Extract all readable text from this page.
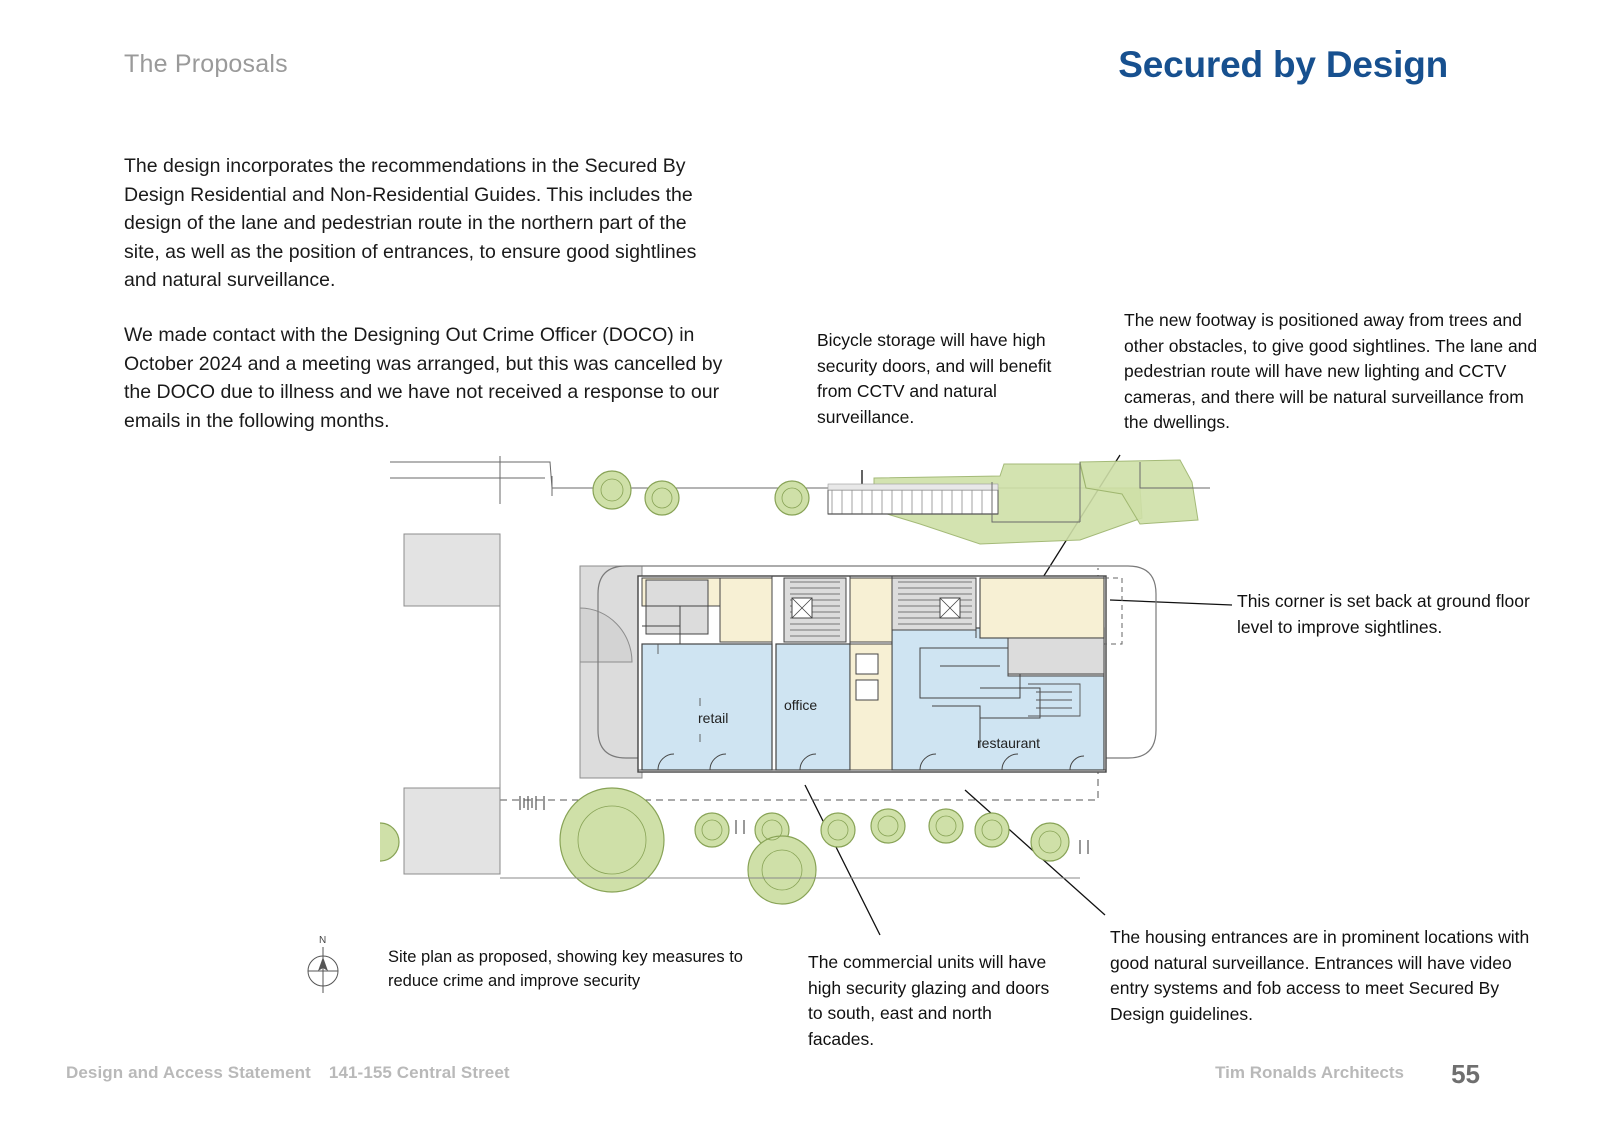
The Proposals	Secured by Design

The design incorporates the recommendations in the Secured By Design Residential and Non-Residential Guides. This includes the design of the lane and pedestrian route in the northern part of the site, as well as the position of entrances, to ensure good sightlines and natural surveillance.

We made contact with the Designing Out Crime Officer (DOCO) in October 2024 and a meeting was arranged, but this was cancelled by the DOCO due to illness and we have not received a response to our emails in the following months.

Bicycle storage will have high security doors, and will benefit from CCTV and natural surveillance.
The new footway is positioned away from trees and other obstacles, to give good sightlines. The lane and pedestrian route will have new lighting and CCTV cameras, and there will be natural surveillance from the dwellings.
This corner is set back at ground floor level to improve sightlines.
The housing entrances are in prominent locations with good natural surveillance. Entrances will have video entry systems and fob access to meet Secured By Design guidelines.
The commercial units will have high security glazing and doors to south, east and north facades.
retail
office
restaurant
N
Site plan as proposed, showing key measures to reduce crime and improve security
Design and Access Statement 141-155 Central Street	Tim Ronalds Architects 55
